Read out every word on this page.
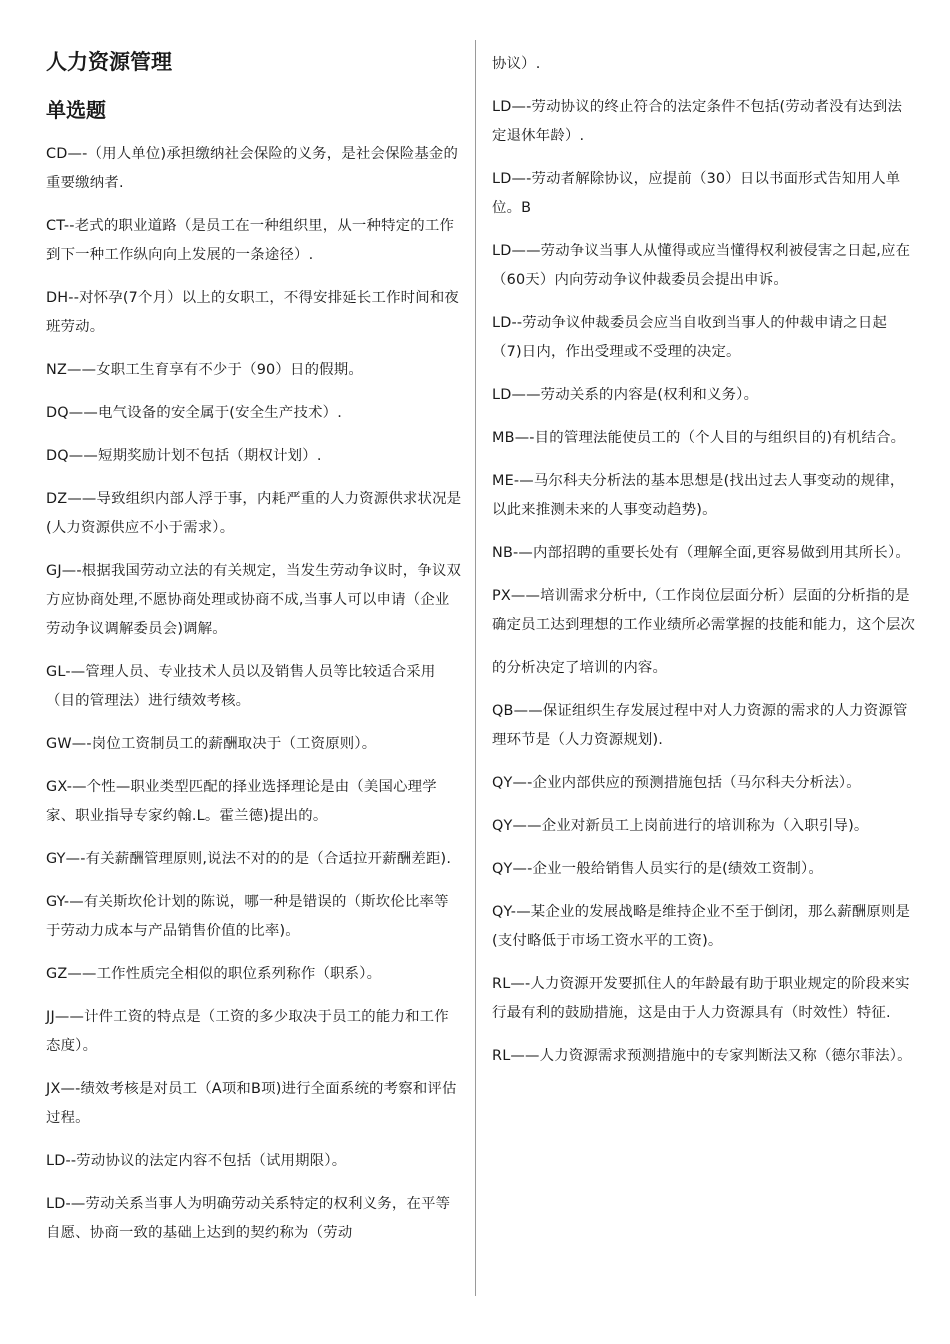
人力资源管理
单选题

CD—-（用人单位)承担缴纳社会保险的义务，是社会保险基金的重要缴纳者.

CT--老式的职业道路（是员工在一种组织里，从一种特定的工作到下一种工作纵向向上发展的一条途径）.

DH--对怀孕(7个月）以上的女职工，不得安排延长工作时间和夜班劳动。

NZ——女职工生育享有不少于（90）日的假期。

DQ——电气设备的安全属于(安全生产技术）.

DQ——短期奖励计划不包括（期权计划）.

DZ——导致组织内部人浮于事，内耗严重的人力资源供求状况是(人力资源供应不小于需求）。

GJ—-根据我国劳动立法的有关规定，当发生劳动争议时，争议双方应协商处理,不愿协商处理或协商不成,当事人可以申请（企业劳动争议调解委员会)调解。

GL-—管理人员、专业技术人员以及销售人员等比较适合采用（目的管理法）进行绩效考核。

GW—-岗位工资制员工的薪酬取决于（工资原则）。

GX-—个性—职业类型匹配的择业选择理论是由（美国心理学家、职业指导专家约翰.L。霍兰德)提出的。

GY—-有关薪酬管理原则,说法不对的的是（合适拉开薪酬差距).

GY-—有关斯坎伦计划的陈说，哪一种是错误的（斯坎伦比率等于劳动力成本与产品销售价值的比率)。

GZ——工作性质完全相似的职位系列称作（职系）。

JJ——计件工资的特点是（工资的多少取决于员工的能力和工作态度）。

JX—-绩效考核是对员工（A项和B项)进行全面系统的考察和评估过程。

LD--劳动协议的法定内容不包括（试用期限）。

LD-—劳动关系当事人为明确劳动关系特定的权利义务，在平等自愿、协商一致的基础上达到的契约称为（劳动

协议）.

LD—-劳动协议的终止符合的法定条件不包括(劳动者没有达到法定退休年龄）.

LD—-劳动者解除协议，应提前（30）日以书面形式告知用人单位。B

LD——劳动争议当事人从懂得或应当懂得权利被侵害之日起,应在（60天）内向劳动争议仲裁委员会提出申诉。

LD--劳动争议仲裁委员会应当自收到当事人的仲裁申请之日起（7)日内，作出受理或不受理的决定。

LD——劳动关系的内容是(权利和义务）。

MB—-目的管理法能使员工的（个人目的与组织目的)有机结合。

ME-—马尔科夫分析法的基本思想是(找出过去人事变动的规律，以此来推测未来的人事变动趋势)。

NB-—内部招聘的重要长处有（理解全面,更容易做到用其所长）。

PX——培训需求分析中,（工作岗位层面分析）层面的分析指的是确定员工达到理想的工作业绩所必需掌握的技能和能力，这个层次

的分析决定了培训的内容。

QB——保证组织生存发展过程中对人力资源的需求的人力资源管理环节是（人力资源规划).

QY—-企业内部供应的预测措施包括（马尔科夫分析法）。

QY——企业对新员工上岗前进行的培训称为（入职引导)。

QY—-企业一般给销售人员实行的是(绩效工资制）。

QY-—某企业的发展战略是维持企业不至于倒闭，那么薪酬原则是(支付略低于市场工资水平的工资)。

RL—-人力资源开发要抓住人的年龄最有助于职业规定的阶段来实行最有利的鼓励措施，这是由于人力资源具有（时效性）特征.

RL——人力资源需求预测措施中的专家判断法又称（德尔菲法）。
